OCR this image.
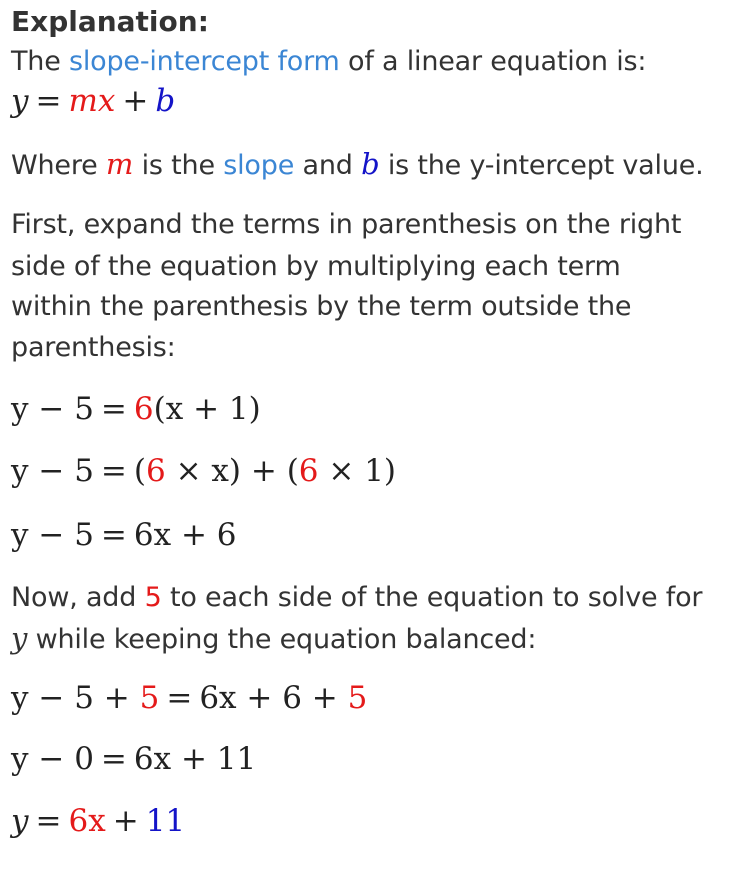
Explanation:
The slope-intercept form of a linear equation is:
y = mx + b
Where m is the slope and b is the y-intercept value.
First, expand the terms in parenthesis on the right
side of the equation by multiplying each term
within the parenthesis by the term outside the
parenthesis:
y − 5 = 6(x + 1)
y − 5 = (6 × x) + (6 × 1)
y − 5 = 6x + 6
Now, add 5 to each side of the equation to solve for
y while keeping the equation balanced:
y − 5 + 5 = 6x + 6 + 5
y − 0 = 6x + 11
y = 6x + 11
